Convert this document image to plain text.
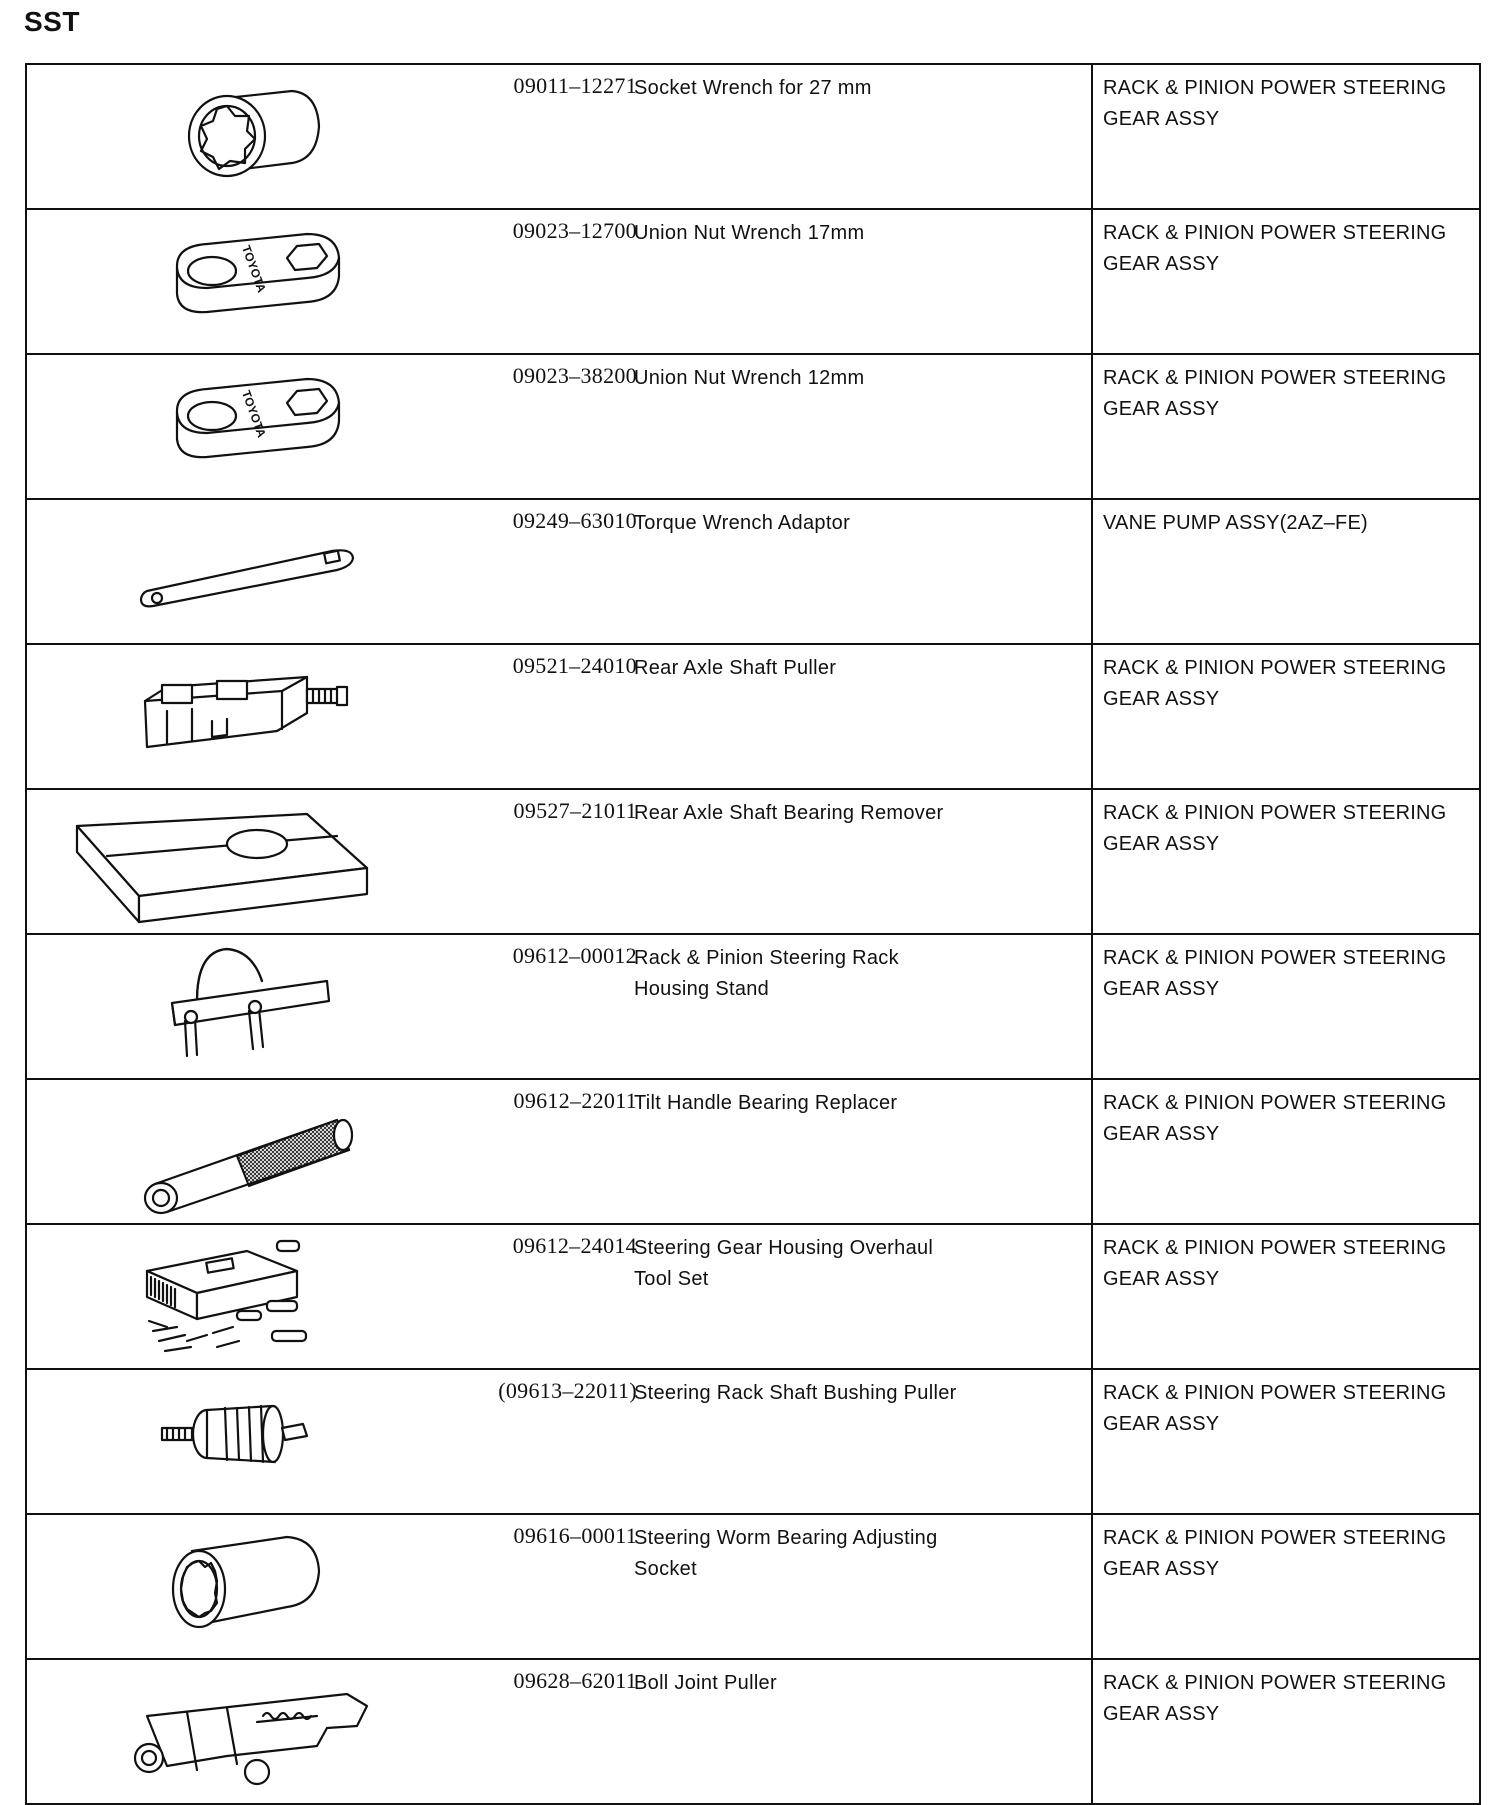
SST
09011–12271
Socket Wrench for 27 mm	RACK & PINION POWER STEERING GEAR ASSY

TOYOTA
09023–12700
Union Nut Wrench 17mm	RACK & PINION POWER STEERING GEAR ASSY

TOYOTA
09023–38200
Union Nut Wrench 12mm	RACK & PINION POWER STEERING GEAR ASSY

09249–63010
Torque Wrench Adaptor	VANE PUMP ASSY(2AZ–FE)

09521–24010
Rear Axle Shaft Puller	RACK & PINION POWER STEERING GEAR ASSY

09527–21011
Rear Axle Shaft Bearing Remover	RACK & PINION POWER STEERING GEAR ASSY

09612–00012
Rack & Pinion Steering Rack Housing Stand	RACK & PINION POWER STEERING GEAR ASSY

09612–22011
Tilt Handle Bearing Replacer	RACK & PINION POWER STEERING GEAR ASSY

09612–24014
Steering Gear Housing Overhaul Tool Set	RACK & PINION POWER STEERING GEAR ASSY

(09613–22011)
Steering Rack Shaft Bushing Puller	RACK & PINION POWER STEERING GEAR ASSY

09616–00011
Steering Worm Bearing Adjusting Socket	RACK & PINION POWER STEERING GEAR ASSY

09628–62011
Boll Joint Puller	RACK & PINION POWER STEERING GEAR ASSY
